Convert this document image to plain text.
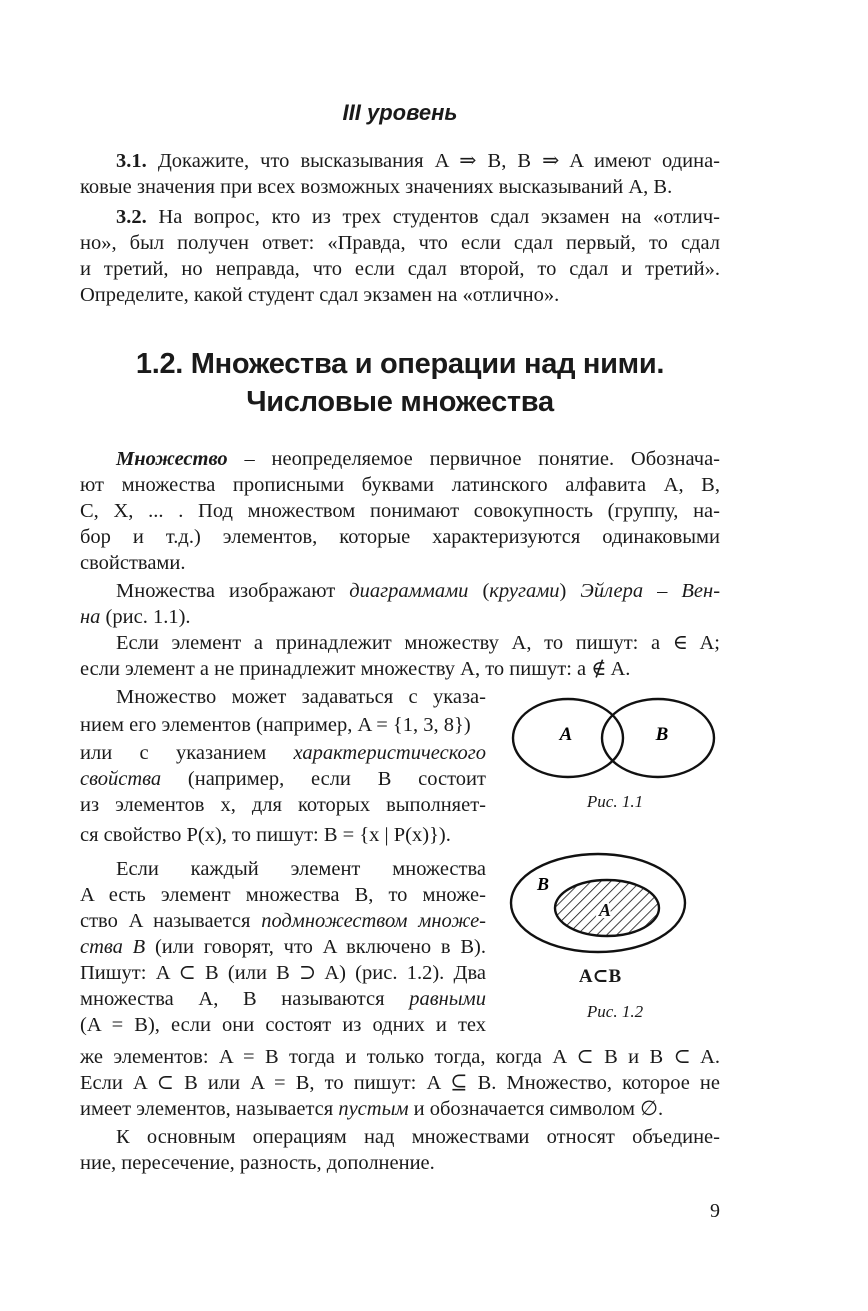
III уровень
3.1. Докажите, что высказывания A ⇒ B, B ⇒ A имеют одина-
ковые значения при всех возможных значениях высказываний A, B.
3.2. На вопрос, кто из трех студентов сдал экзамен на «отлич-
но», был получен ответ: «Правда, что если сдал первый, то сдал
и третий, но неправда, что если сдал второй, то сдал и третий».
Определите, какой студент сдал экзамен на «отлично».
1.2. Множества и операции над ними.
Числовые множества
Множество – неопределяемое первичное понятие. Обознача-
ют множества прописными буквами латинского алфавита A, B,
C, X, ... . Под множеством понимают совокупность (группу, на-
бор и т.д.) элементов, которые характеризуются одинаковыми
свойствами.
Множества изображают диаграммами (кругами) Эйлера – Вен-
на (рис. 1.1).
Если элемент a принадлежит множеству A, то пишут: a ∈ A;
если элемент a не принадлежит множеству A, то пишут: a ∉ A.
Множество может задаваться с указа-
нием его элементов (например, A = {1, 3, 8})
или с указанием характеристического
свойства (например, если B состоит
из элементов x, для которых выполняет-
ся свойство P(x), то пишут: B = {x | P(x)}).
Если каждый элемент множества
A есть элемент множества B, то множе-
ство A называется подмножеством множе-
ства B (или говорят, что A включено в B).
Пишут: A ⊂ B (или B ⊃ A) (рис. 1.2). Два
множества A, B называются равными
(A = B), если они состоят из одних и тех
же элементов: A = B тогда и только тогда, когда A ⊂ B и B ⊂ A.
Если A ⊂ B или A = B, то пишут: A ⊆ B. Множество, которое не
имеет элементов, называется пустым и обозначается символом ∅.
К основным операциям над множествами относят объедине-
ние, пересечение, разность, дополнение.
A	B
Рис. 1.1
B
A
A⊂B
Рис. 1.2
9
